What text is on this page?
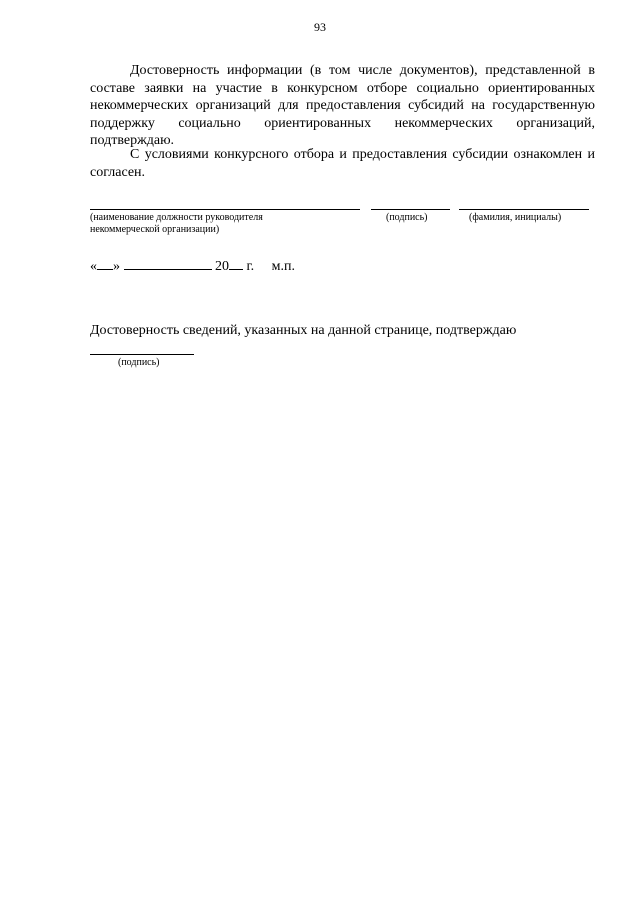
93
Достоверность информации (в том числе документов), представленной в составе заявки на участие в конкурсном отборе социально ориентированных некоммерческих организаций для предоставления субсидий на государственную поддержку социально ориентированных некоммерческих организаций, подтверждаю.
С условиями конкурсного отбора и предоставления субсидии ознакомлен и согласен.
(наименование должности руководителя некоммерческой организации)
(подпись)	(фамилия, инициалы)
« »	20 г. м.п.
Достоверность сведений, указанных на данной странице, подтверждаю
(подпись)
